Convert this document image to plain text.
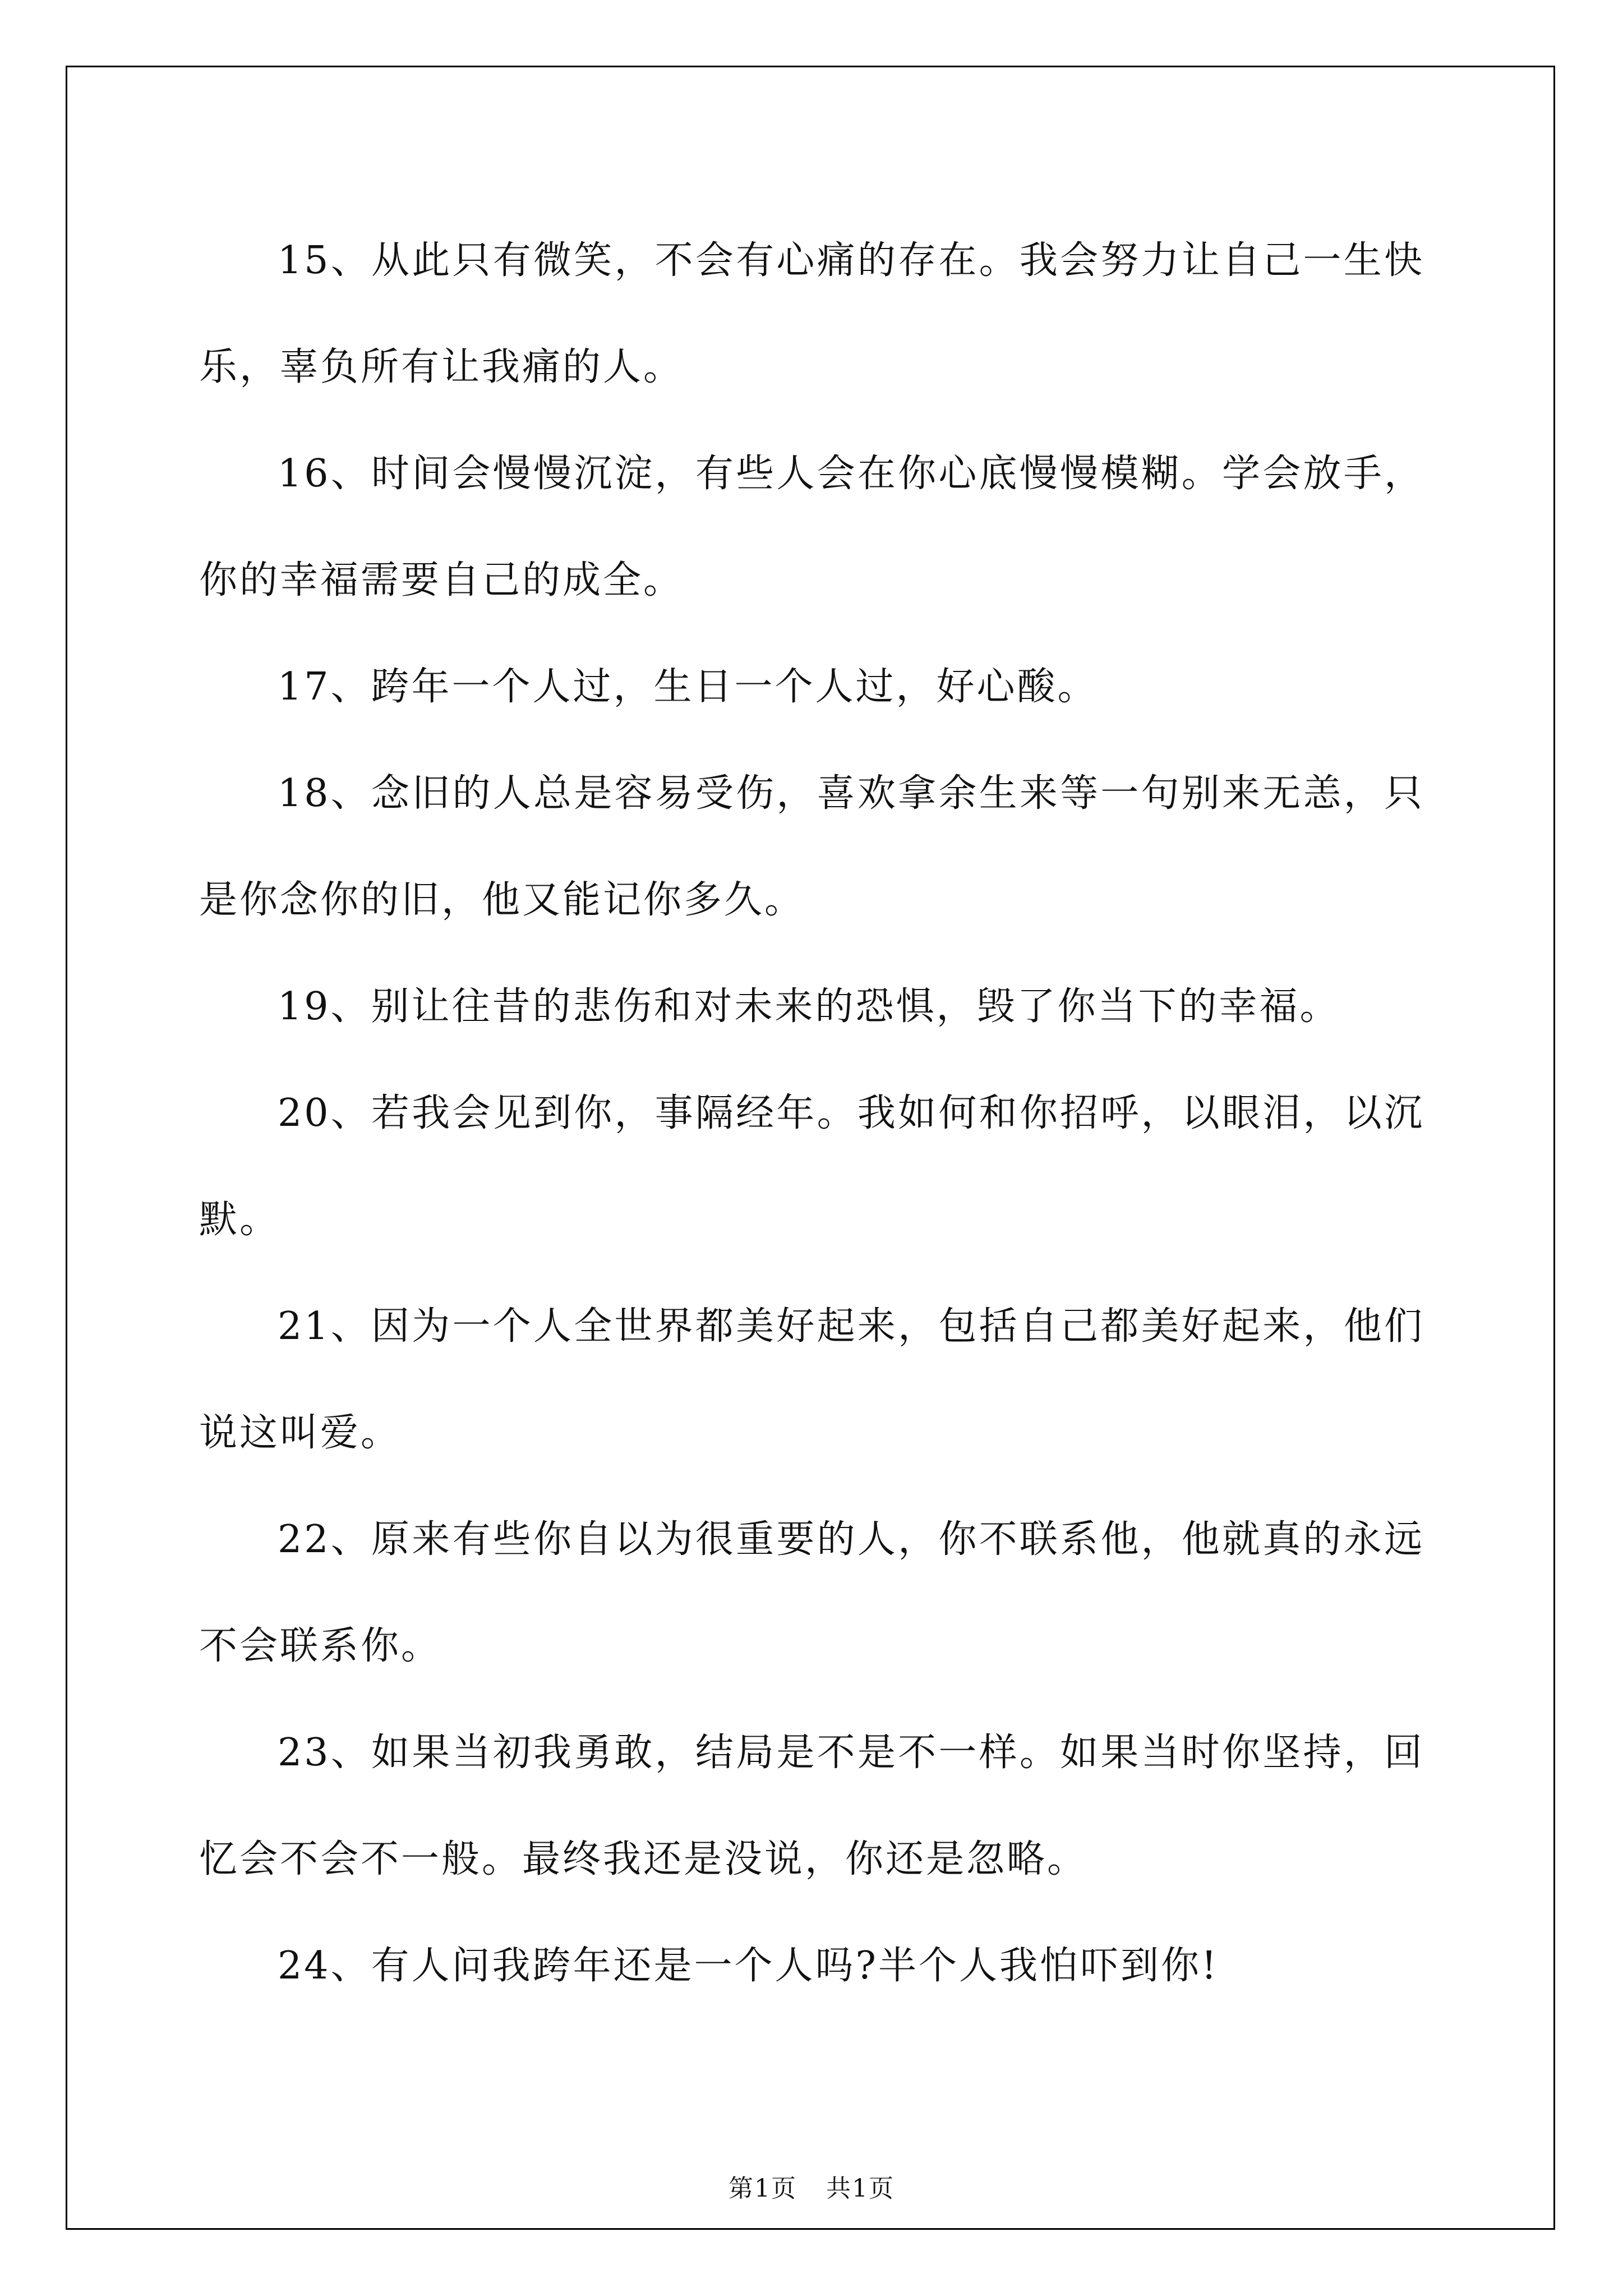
15、从此只有微笑，不会有心痛的存在。我会努力让自己一生快乐，辜负所有让我痛的人。

16、时间会慢慢沉淀，有些人会在你心底慢慢模糊。学会放手，你的幸福需要自己的成全。

17、跨年一个人过，生日一个人过，好心酸。

18、念旧的人总是容易受伤，喜欢拿余生来等一句别来无恙，只是你念你的旧，他又能记你多久。

19、别让往昔的悲伤和对未来的恐惧，毁了你当下的幸福。

20、若我会见到你，事隔经年。我如何和你招呼，以眼泪，以沉默。

21、因为一个人全世界都美好起来，包括自己都美好起来，他们说这叫爱。

22、原来有些你自以为很重要的人，你不联系他，他就真的永远不会联系你。

23、如果当初我勇敢，结局是不是不一样。如果当时你坚持，回忆会不会不一般。最终我还是没说，你还是忽略。

24、有人问我跨年还是一个人吗?半个人我怕吓到你!

第1页 共1页
